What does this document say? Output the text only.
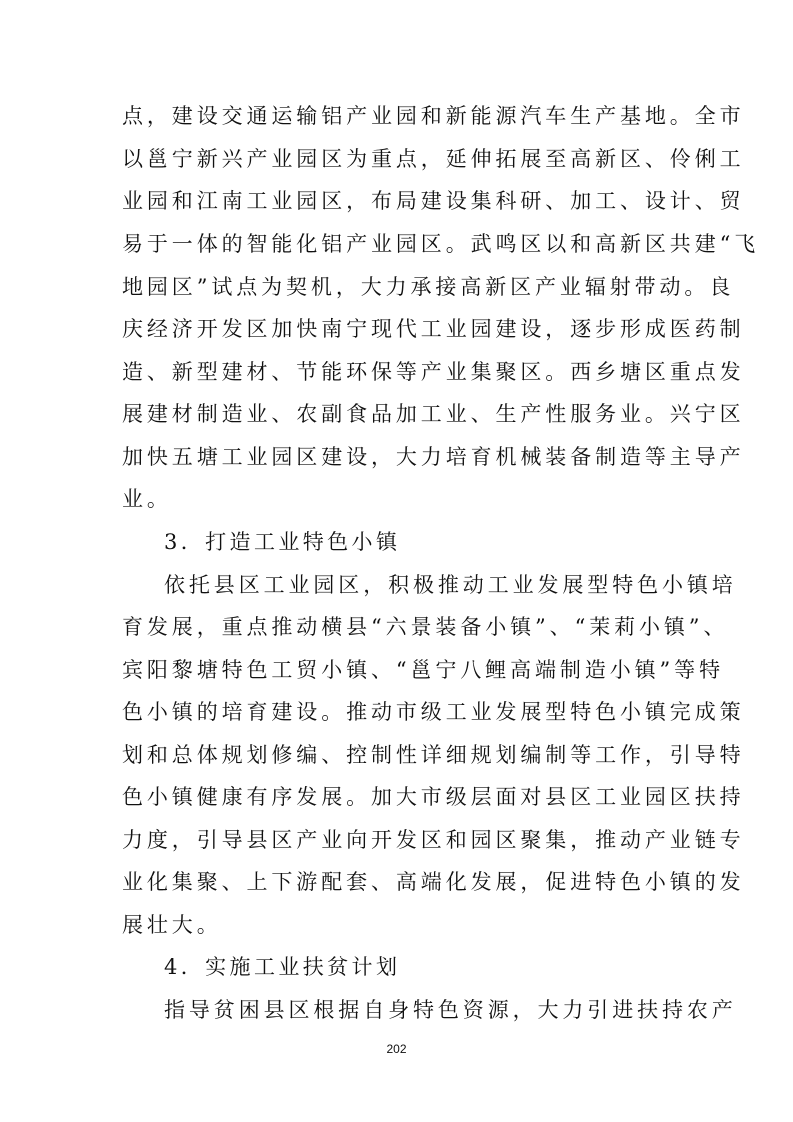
点，建设交通运输铝产业园和新能源汽车生产基地。全市
以邕宁新兴产业园区为重点，延伸拓展至高新区、伶俐工
业园和江南工业园区，布局建设集科研、加工、设计、贸
易于一体的智能化铝产业园区。武鸣区以和高新区共建“飞
地园区”试点为契机，大力承接高新区产业辐射带动。良
庆经济开发区加快南宁现代工业园建设，逐步形成医药制
造、新型建材、节能环保等产业集聚区。西乡塘区重点发
展建材制造业、农副食品加工业、生产性服务业。兴宁区
加快五塘工业园区建设，大力培育机械装备制造等主导产
业。
3．打造工业特色小镇
依托县区工业园区，积极推动工业发展型特色小镇培
育发展，重点推动横县“六景装备小镇”、“茉莉小镇”、
宾阳黎塘特色工贸小镇、“邕宁八鲤高端制造小镇”等特
色小镇的培育建设。推动市级工业发展型特色小镇完成策
划和总体规划修编、控制性详细规划编制等工作，引导特
色小镇健康有序发展。加大市级层面对县区工业园区扶持
力度，引导县区产业向开发区和园区聚集，推动产业链专
业化集聚、上下游配套、高端化发展，促进特色小镇的发
展壮大。
4．实施工业扶贫计划
指导贫困县区根据自身特色资源，大力引进扶持农产
202
